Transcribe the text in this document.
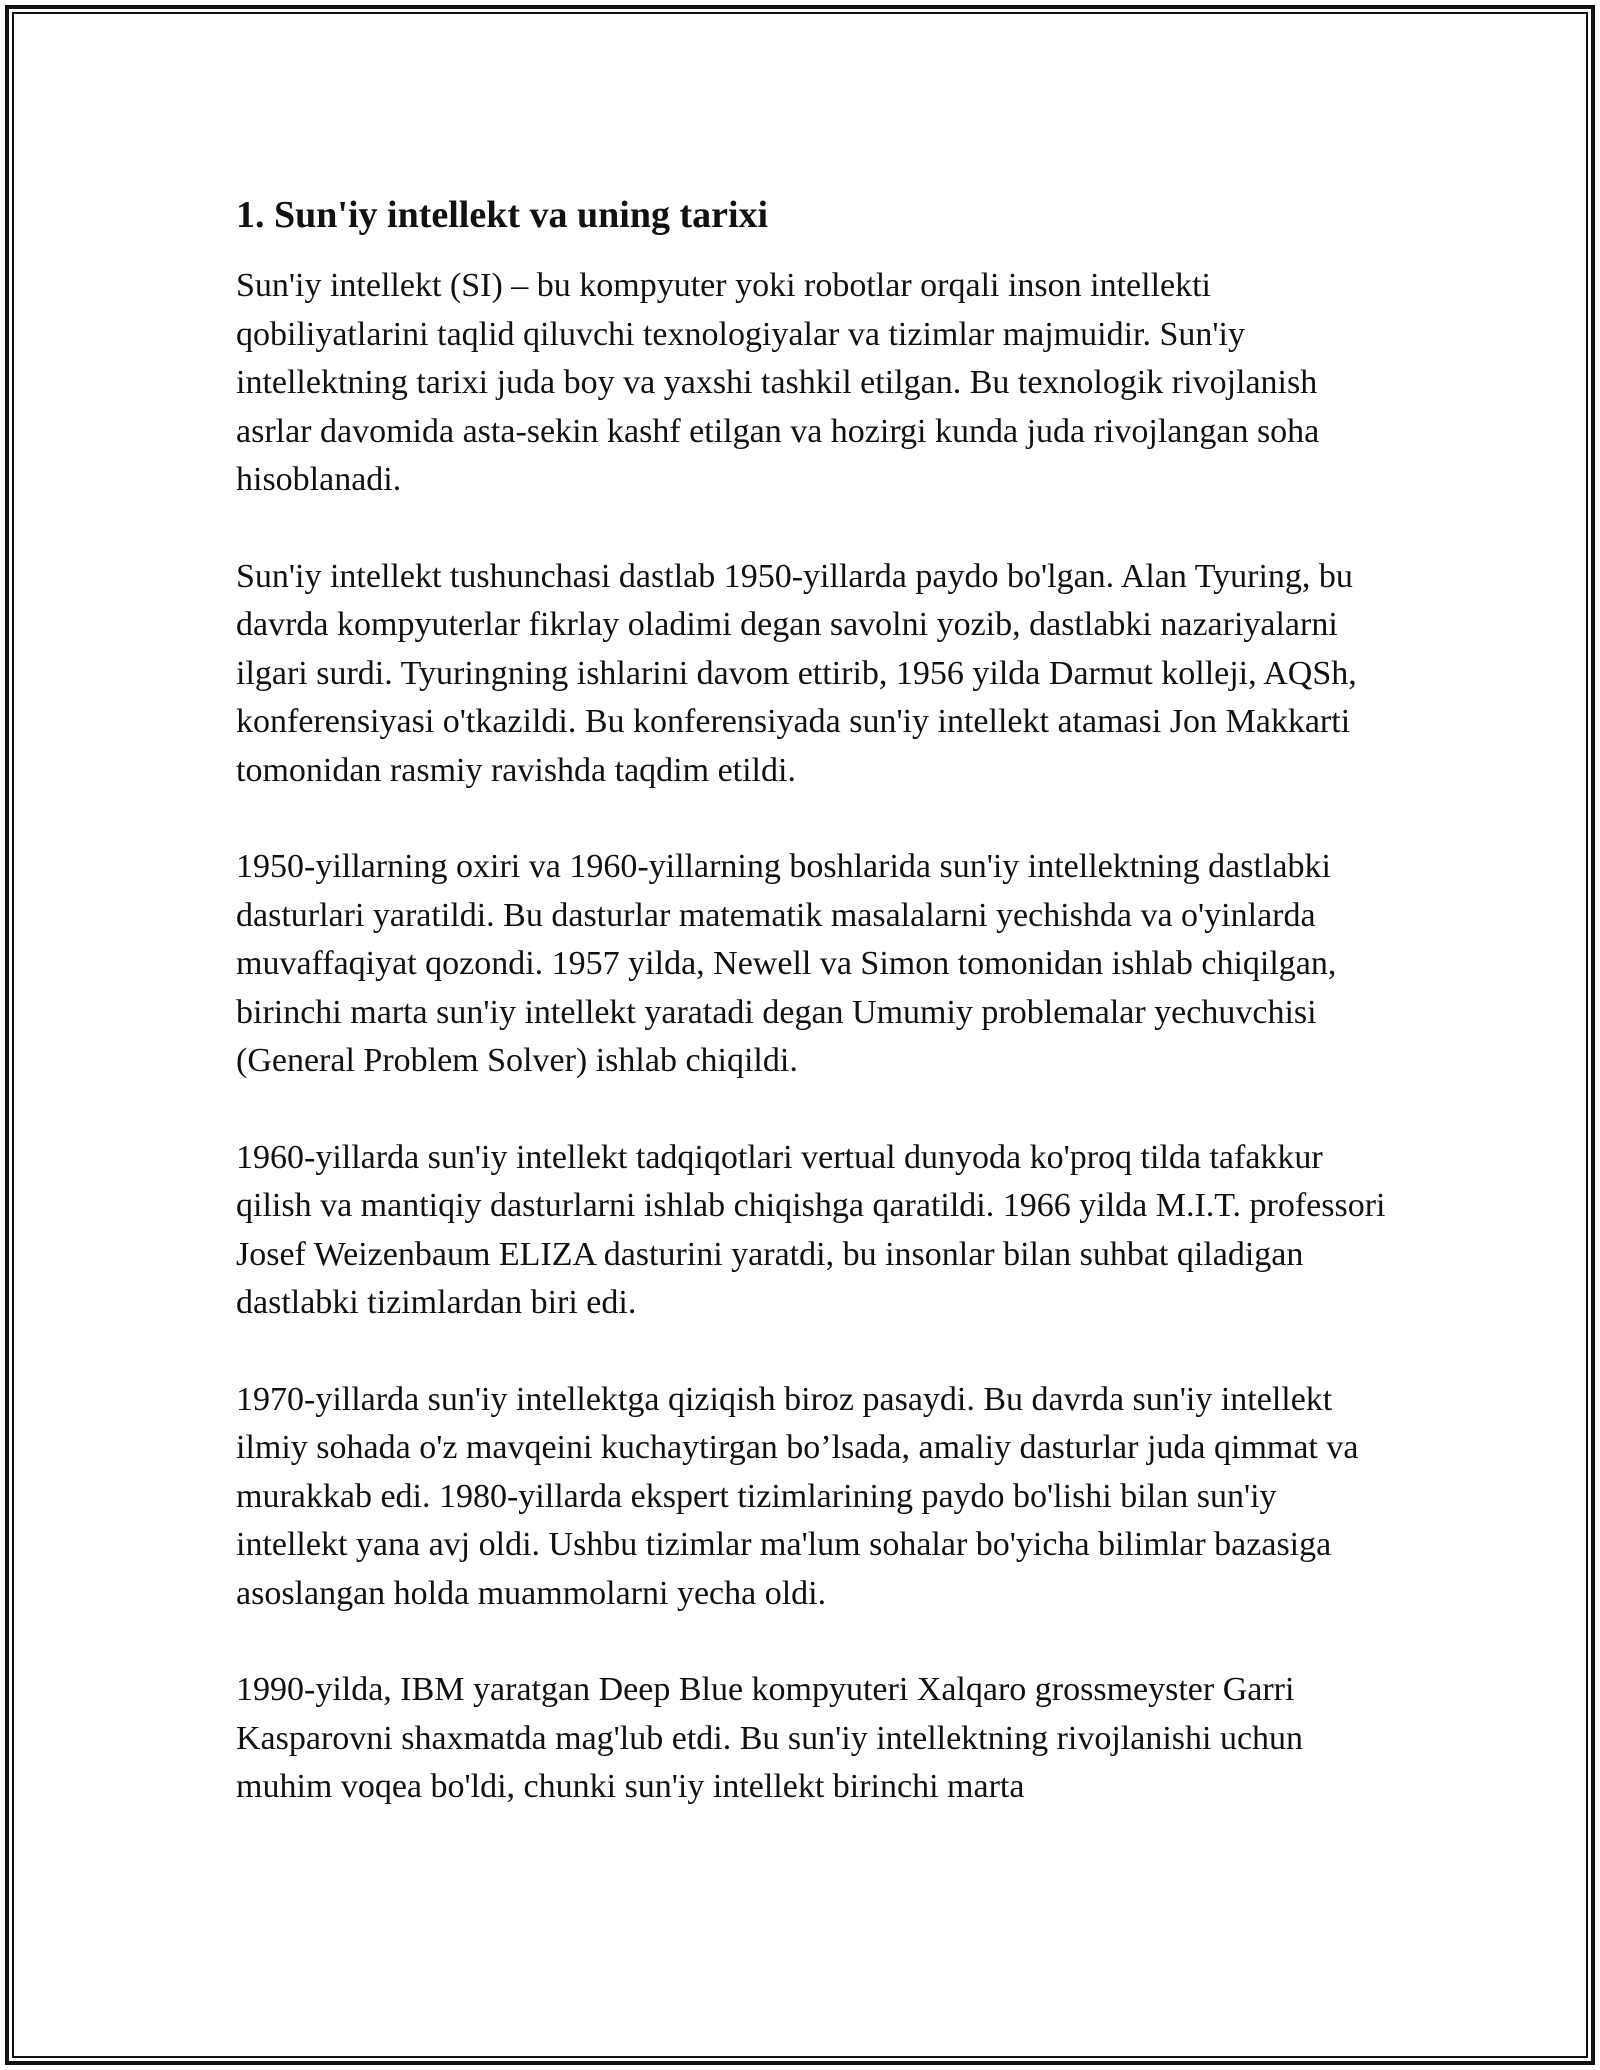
1. Sun'iy intellekt va uning tarixi

Sun'iy intellekt (SI) – bu kompyuter yoki robotlar orqali inson intellekti qobiliyatlarini taqlid qiluvchi texnologiyalar va tizimlar majmuidir. Sun'iy intellektning tarixi juda boy va yaxshi tashkil etilgan. Bu texnologik rivojlanish asrlar davomida asta-sekin kashf etilgan va hozirgi kunda juda rivojlangan soha hisoblanadi.

Sun'iy intellekt tushunchasi dastlab 1950-yillarda paydo bo'lgan. Alan Tyuring, bu davrda kompyuterlar fikrlay oladimi degan savolni yozib, dastlabki nazariyalarni ilgari surdi. Tyuringning ishlarini davom ettirib, 1956 yilda Darmut kolleji, AQSh, konferensiyasi o'tkazildi. Bu konferensiyada sun'iy intellekt atamasi Jon Makkarti tomonidan rasmiy ravishda taqdim etildi.

1950-yillarning oxiri va 1960-yillarning boshlarida sun'iy intellektning dastlabki dasturlari yaratildi. Bu dasturlar matematik masalalarni yechishda va o'yinlarda muvaffaqiyat qozondi. 1957 yilda, Newell va Simon tomonidan ishlab chiqilgan, birinchi marta sun'iy intellekt yaratadi degan Umumiy problemalar yechuvchisi (General Problem Solver) ishlab chiqildi.

1960-yillarda sun'iy intellekt tadqiqotlari vertual dunyoda ko'proq tilda tafakkur qilish va mantiqiy dasturlarni ishlab chiqishga qaratildi. 1966 yilda M.I.T. professori Josef Weizenbaum ELIZA dasturini yaratdi, bu insonlar bilan suhbat qiladigan dastlabki tizimlardan biri edi.

1970-yillarda sun'iy intellektga qiziqish biroz pasaydi. Bu davrda sun'iy intellekt ilmiy sohada o'z mavqeini kuchaytirgan bo’lsada, amaliy dasturlar juda qimmat va murakkab edi. 1980-yillarda ekspert tizimlarining paydo bo'lishi bilan sun'iy intellekt yana avj oldi. Ushbu tizimlar ma'lum sohalar bo'yicha bilimlar bazasiga asoslangan holda muammolarni yecha oldi.

1990-yilda, IBM yaratgan Deep Blue kompyuteri Xalqaro grossmeyster Garri Kasparovni shaxmatda mag'lub etdi. Bu sun'iy intellektning rivojlanishi uchun muhim voqea bo'ldi, chunki sun'iy intellekt birinchi marta
